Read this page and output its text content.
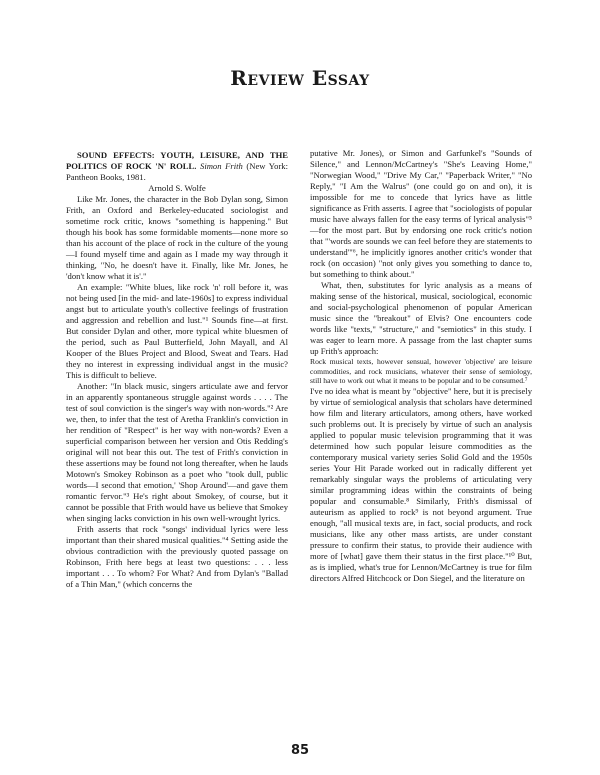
Review Essay

SOUND EFFECTS: YOUTH, LEISURE, AND THE POLITICS OF ROCK 'N' ROLL. Simon Frith (New York: Pantheon Books, 1981.

Arnold S. Wolfe

Like Mr. Jones, the character in the Bob Dylan song, Simon Frith, an Oxford and Berkeley-educated sociologist and sometime rock critic, knows "something is happening." But though his book has some formidable moments—none more so than his account of the place of rock in the culture of the young—I found myself time and again as I made my way through it thinking, "No, he doesn't have it. Finally, like Mr. Jones, he 'don't know what it is'."

An example: "White blues, like rock 'n' roll before it, was not being used [in the mid- and late-1960s] to express individual angst but to articulate youth's collective feelings of frustration and aggression and rebellion and lust."¹ Sounds fine—at first. But consider Dylan and other, more typical white bluesmen of the period, such as Paul Butterfield, John Mayall, and Al Kooper of the Blues Project and Blood, Sweat and Tears. Had they no interest in expressing individual angst in the music? This is difficult to believe.

Another: "In black music, singers articulate awe and fervor in an apparently spontaneous struggle against words . . . . The test of soul conviction is the singer's way with non-words."² Are we, then, to infer that the test of Aretha Franklin's conviction in her rendition of "Respect" is her way with non-words? Even a superficial comparison between her version and Otis Redding's original will not bear this out. The test of Frith's conviction in these assertions may be found not long thereafter, when he lauds Motown's Smokey Robinson as a poet who "took dull, public words—I second that emotion,' 'Shop Around'—and gave them romantic fervor."³ He's right about Smokey, of course, but it cannot be possible that Frith would have us believe that Smokey when singing lacks conviction in his own well-wrought lyrics.

Frith asserts that rock "songs' individual lyrics were less important than their shared musical qualities."⁴ Setting aside the obvious contradiction with the previously quoted passage on Robinson, Frith here begs at least two questions: . . . less important . . . To whom? For What? And from Dylan's "Ballad of a Thin Man," (which concerns the

putative Mr. Jones), or Simon and Garfunkel's "Sounds of Silence," and Lennon/McCartney's "She's Leaving Home," "Norwegian Wood," "Drive My Car," "Paperback Writer," "No Reply," "I Am the Walrus" (one could go on and on), it is impossible for me to concede that lyrics have as little significance as Frith asserts. I agree that "sociologists of popular music have always fallen for the easy terms of lyrical analysis"⁵—for the most part. But by endorsing one rock critic's notion that "'words are sounds we can feel before they are statements to understand'"⁶, he implicitly ignores another critic's wonder that rock (on occasion) "not only gives you something to dance to, but something to think about."

What, then, substitutes for lyric analysis as a means of making sense of the historical, musical, sociological, economic and social-psychological phenomenon of popular American music since the "breakout" of Elvis? One encounters code words like "texts," "structure," and "semiotics" in this study. I was eager to learn more. A passage from the last chapter sums up Frith's approach:

Rock musical texts, however sensual, however 'objective' are leisure commodities, and rock musicians, whatever their sense of semiology, still have to work out what it means to be popular and to be consumed.⁷

I've no idea what is meant by "objective" here, but it is precisely by virtue of semiological analysis that scholars have determined how film and literary articulators, among others, have worked such problems out. It is precisely by virtue of such an analysis applied to popular music television programming that it was determined how such popular leisure commodities as the contemporary musical variety series Solid Gold and the 1950s series Your Hit Parade worked out in radically different yet remarkably singular ways the problems of articulating very similar programming ideas within the constraints of being popular and consumable.⁸ Similarly, Frith's dismissal of auteurism as applied to rock⁹ is not beyond argument. True enough, "all musical texts are, in fact, social products, and rock musicians, like any other mass artists, are under constant pressure to confirm their status, to provide their audience with more of [what] gave them their status in the first place."¹⁰ But, as is implied, what's true for Lennon/McCartney is true for film directors Alfred Hitchcock or Don Siegel, and the literature on

85
